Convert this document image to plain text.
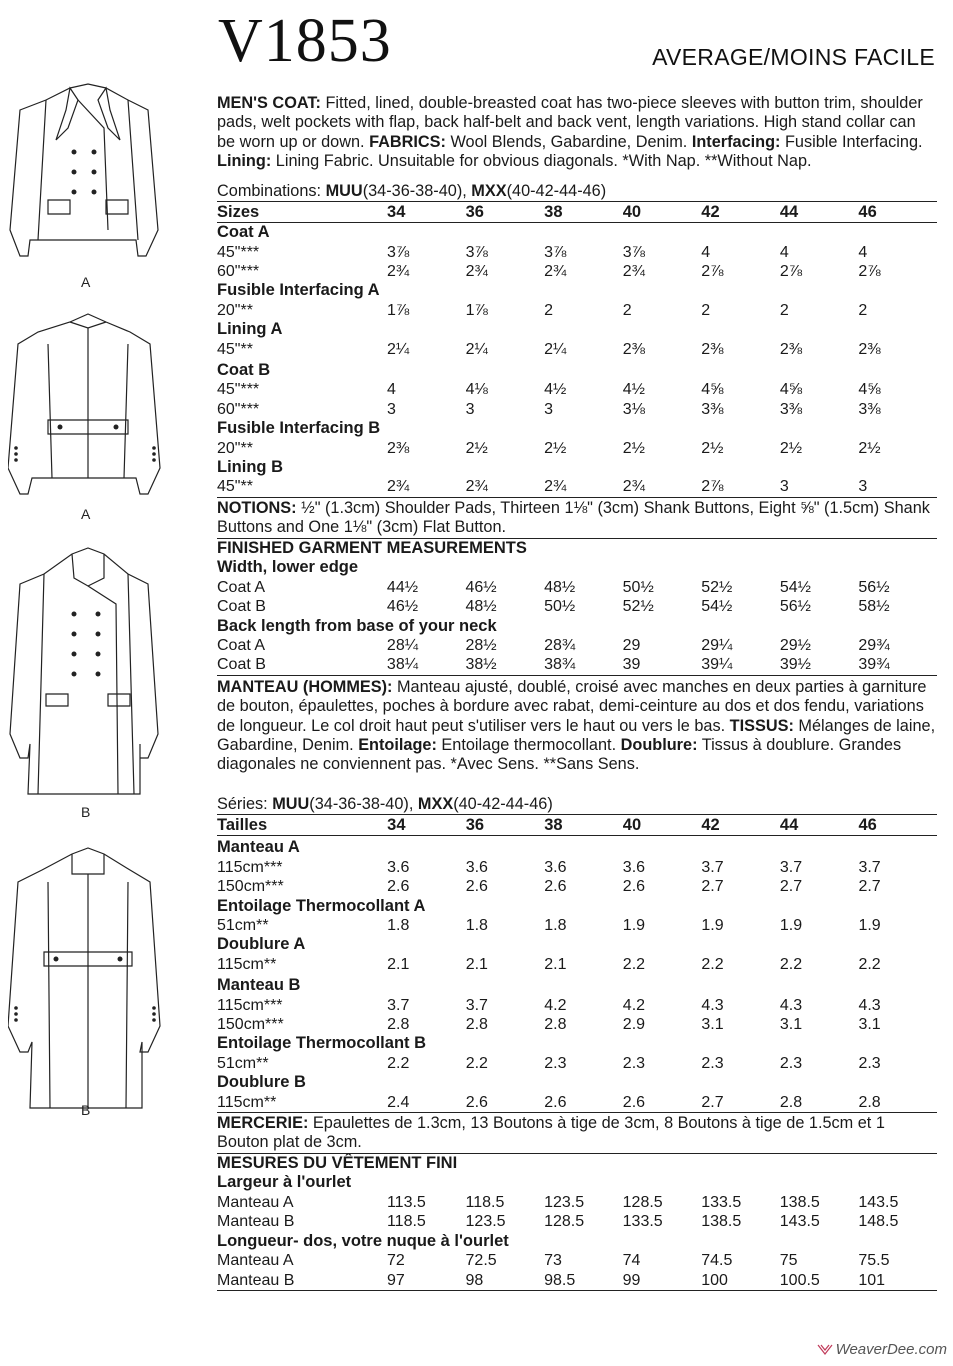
V1853	AVERAGE/MOINS FACILE
A
A
B
B

MEN'S COAT: Fitted, lined, double-breasted coat has two-piece sleeves with button trim, shoulder pads, welt pockets with flap, back half-belt and back vent, length variations. High stand collar can be worn up or down. FABRICS: Wool Blends, Gabardine, Denim. Interfacing: Fusible Interfacing. Lining: Lining Fabric. Unsuitable for obvious diagonals. *With Nap. **Without Nap.

Combinations: MUU(34-36-38-40), MXX(40-42-44-46)
Sizes	34	36	38	40	42	44	46
Coat A							
45"***	3⅞	3⅞	3⅞	3⅞	4	4	4
60"***	2¾	2¾	2¾	2¾	2⅞	2⅞	2⅞
Fusible Interfacing A							
20"**	1⅞	1⅞	2	2	2	2	2
Lining A							
45"**	2¼	2¼	2¼	2⅜	2⅜	2⅜	2⅜

Coat B							
45"***	4	4⅛	4½	4½	4⅝	4⅝	4⅝
60"***	3	3	3	3⅛	3⅜	3⅜	3⅜
Fusible Interfacing B							
20"**	2⅜	2½	2½	2½	2½	2½	2½
Lining B							
45"**	2¾	2¾	2¾	2¾	2⅞	3	3

NOTIONS: ½" (1.3cm) Shoulder Pads, Thirteen 1⅛" (3cm) Shank Buttons, Eight ⅝" (1.5cm) Shank Buttons and One 1⅛" (3cm) Flat Button.

FINISHED GARMENT MEASUREMENTS
Width, lower edge							
Coat A	44½	46½	48½	50½	52½	54½	56½
Coat B	46½	48½	50½	52½	54½	56½	58½
Back length from base of your neck							
Coat A	28¼	28½	28¾	29	29¼	29½	29¾
Coat B	38¼	38½	38¾	39	39¼	39½	39¾

MANTEAU (HOMMES): Manteau ajusté, doublé, croisé avec manches en deux parties à garniture de bouton, épaulettes, poches à bordure avec rabat, demi-ceinture au dos et dos fendu, variations de longueur. Le col droit haut peut s'utiliser vers le haut ou vers le bas. TISSUS: Mélanges de laine, Gabardine, Denim. Entoilage: Entoilage thermocollant. Doublure: Tissus à doublure. Grandes diagonales ne conviennent pas. *Avec Sens. **Sans Sens.

Séries: MUU(34-36-38-40), MXX(40-42-44-46)
Tailles	34	36	38	40	42	44	46

Manteau A							
115cm***	3.6	3.6	3.6	3.6	3.7	3.7	3.7
150cm***	2.6	2.6	2.6	2.6	2.7	2.7	2.7
Entoilage Thermocollant A							
51cm**	1.8	1.8	1.8	1.9	1.9	1.9	1.9
Doublure A							
115cm**	2.1	2.1	2.1	2.2	2.2	2.2	2.2

Manteau B							
115cm***	3.7	3.7	4.2	4.2	4.3	4.3	4.3
150cm***	2.8	2.8	2.8	2.9	3.1	3.1	3.1
Entoilage Thermocollant B							
51cm**	2.2	2.2	2.3	2.3	2.3	2.3	2.3
Doublure B							
115cm**	2.4	2.6	2.6	2.6	2.7	2.8	2.8

MERCERIE: Epaulettes de 1.3cm, 13 Boutons à tige de 3cm, 8 Boutons à tige de 1.5cm et 1 Bouton plat de 3cm.

MESURES DU VÊTEMENT FINI
Largeur à l'ourlet							
Manteau A	113.5	118.5	123.5	128.5	133.5	138.5	143.5
Manteau B	118.5	123.5	128.5	133.5	138.5	143.5	148.5
Longueur- dos, votre nuque à l'ourlet							
Manteau A	72	72.5	73	74	74.5	75	75.5
Manteau B	97	98	98.5	99	100	100.5	101
WeaverDee.com
